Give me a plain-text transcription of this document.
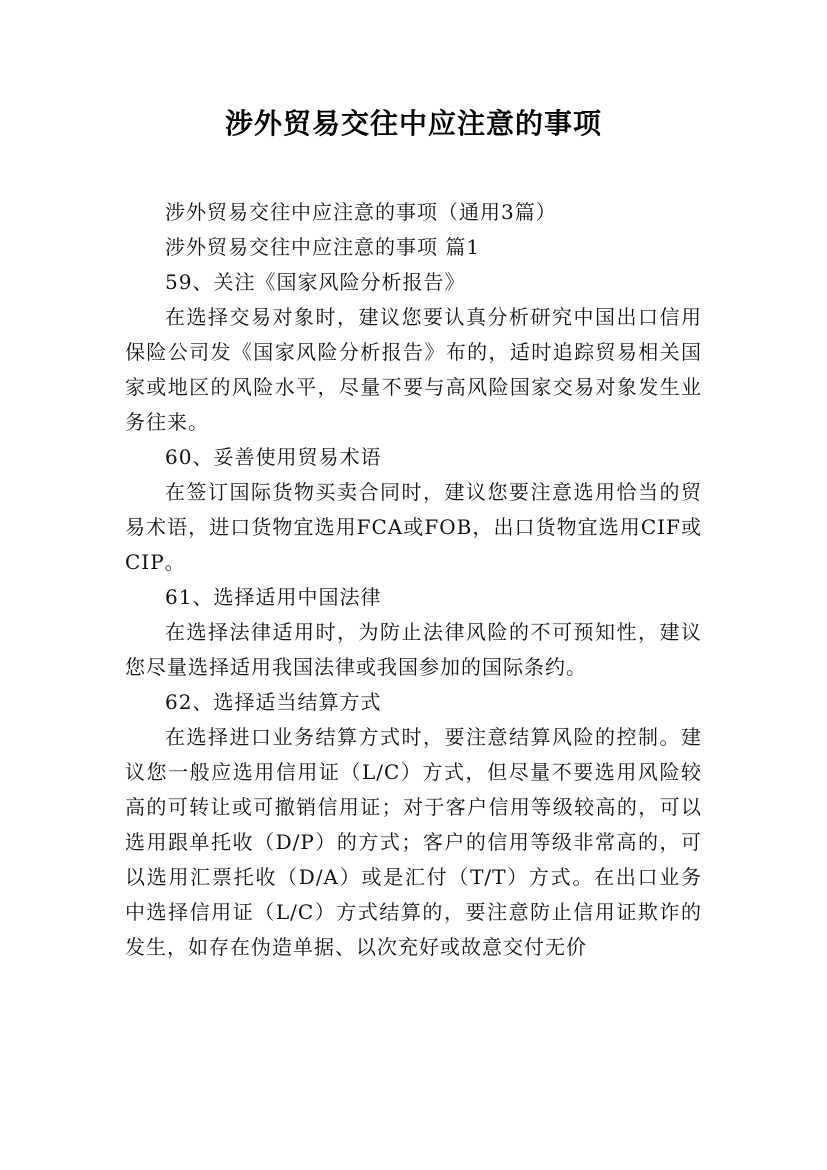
涉外贸易交往中应注意的事项

涉外贸易交往中应注意的事项（通用3篇）

涉外贸易交往中应注意的事项 篇1

59、关注《国家风险分析报告》

在选择交易对象时，建议您要认真分析研究中国出口信用保险公司发《国家风险分析报告》布的，适时追踪贸易相关国家或地区的风险水平，尽量不要与高风险国家交易对象发生业务往来。

60、妥善使用贸易术语

在签订国际货物买卖合同时，建议您要注意选用恰当的贸易术语，进口货物宜选用FCA或FOB，出口货物宜选用CIF或CIP。

61、选择适用中国法律

在选择法律适用时，为防止法律风险的不可预知性，建议您尽量选择适用我国法律或我国参加的国际条约。

62、选择适当结算方式

在选择进口业务结算方式时，要注意结算风险的控制。建议您一般应选用信用证（L/C）方式，但尽量不要选用风险较高的可转让或可撤销信用证；对于客户信用等级较高的，可以选用跟单托收（D/P）的方式；客户的信用等级非常高的，可以选用汇票托收（D/A）或是汇付（T/T）方式。在出口业务中选择信用证（L/C）方式结算的，要注意防止信用证欺诈的发生，如存在伪造单据、以次充好或故意交付无价
